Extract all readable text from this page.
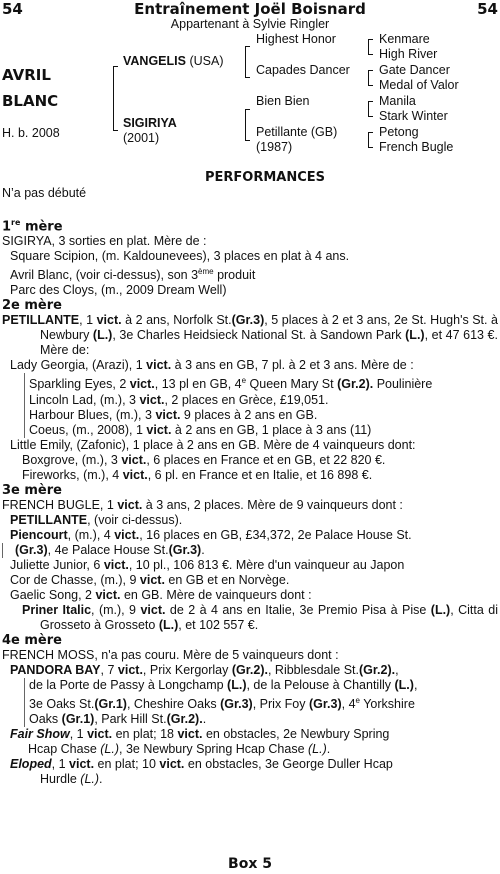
54	Entraînement Joël Boisnard	54
Appartenant à Sylvie Ringler
AVRIL
BLANC
H. b. 2008
VANGELIS (USA)
SIGIRIYA
(2001)
Highest Honor
Capades Dancer
Bien Bien
Petillante (GB)
(1987)
Kenmare
High River
Gate Dancer
Medal of Valor
Manila
Stark Winter
Petong
French Bugle
PERFORMANCES

N’a pas débuté

1re mère

SIGIRYA, 3 sorties en plat. Mère de :

Square Scipion, (m. Kaldounevees), 3 places en plat à 4 ans.

Avril Blanc, (voir ci-dessus), son 3ème produit

Parc des Cloys, (m., 2009 Dream Well)

2e mère

PETILLANTE, 1 vict. à 2 ans, Norfolk St.(Gr.3), 5 places à 2 et 3 ans, 2e St. Hugh's St. à Newbury (L.), 3e Charles Heidsieck National St. à Sandown Park (L.), et 47 613 €. Mère de:

Lady Georgia, (Arazi), 1 vict. à 3 ans en GB, 7 pl. à 2 et 3 ans. Mère de :

Sparkling Eyes, 2 vict., 13 pl en GB, 4e Queen Mary St (Gr.2). Poulinière

Lincoln Lad, (m.), 3 vict., 2 places en Grèce, £19,051.

Harbour Blues, (m.), 3 vict. 9 places à 2 ans en GB.

Coeus, (m., 2008), 1 vict. à 2 ans en GB, 1 place à 3 ans (11)

Little Emily, (Zafonic), 1 place à 2 ans en GB. Mère de 4 vainqueurs dont:

Boxgrove, (m.), 3 vict., 6 places en France et en GB, et 22 820 €.

Fireworks, (m.), 4 vict., 6 pl. en France et en Italie, et 16 898 €.

3e mère

FRENCH BUGLE, 1 vict. à 3 ans, 2 places. Mère de 9 vainqueurs dont :

PETILLANTE, (voir ci-dessus).

Piencourt, (m.), 4 vict., 16 places en GB, £34,372, 2e Palace House St.

(Gr.3), 4e Palace House St.(Gr.3).

Juliette Junior, 6 vict., 10 pl., 106 813 €. Mère d'un vainqueur au Japon

Cor de Chasse, (m.), 9 vict. en GB et en Norvège.

Gaelic Song, 2 vict. en GB. Mère de vainqueurs dont :

Priner Italic, (m.), 9 vict. de 2 à 4 ans en Italie, 3e Premio Pisa à Pise (L.), Citta di Grosseto à Grosseto (L.), et 102 557 €.

4e mère

FRENCH MOSS, n'a pas couru. Mère de 5 vainqueurs dont :

PANDORA BAY, 7 vict., Prix Kergorlay (Gr.2)., Ribblesdale St.(Gr.2).,

de la Porte de Passy à Longchamp (L.), de la Pelouse à Chantilly (L.),

3e Oaks St.(Gr.1), Cheshire Oaks (Gr.3), Prix Foy (Gr.3), 4e Yorkshire

Oaks (Gr.1), Park Hill St.(Gr.2)..

Fair Show, 1 vict. en plat; 18 vict. en obstacles, 2e Newbury Spring

Hcap Chase (L.), 3e Newbury Spring Hcap Chase (L.).

Eloped, 1 vict. en plat; 10 vict. en obstacles, 3e George Duller Hcap

Hurdle (L.).

Box 5
